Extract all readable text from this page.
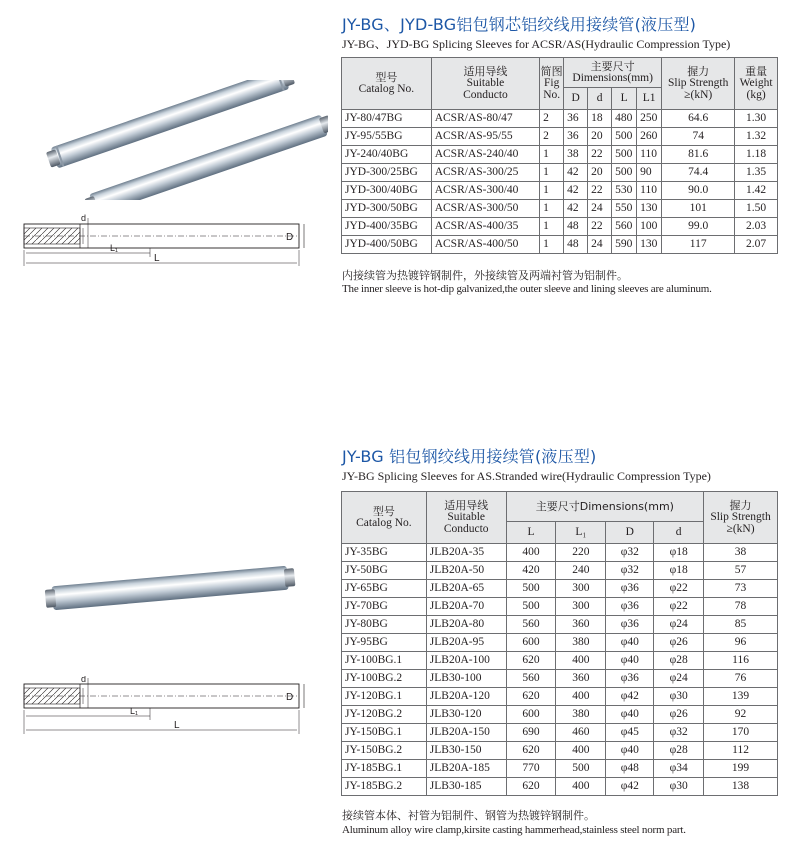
JY-BG、JYD-BG铝包钢芯铝绞线用接续管(液压型)
JY-BG、JYD-BG Splicing Sleeves for ACSR/AS(Hydraulic Compression Type)
d
D
L₁
L
型号
Catalog No.	适用导线
Suitable
Conducto	简图
Fig
No.	主要尺寸
Dimensions(mm)				握力
Slip Strength
≥(kN)	重量
Weight
(kg)
			D	d	L	L1		
JY-80/47BG	ACSR/AS-80/47	2	36	18	480	250	64.6	1.30
JY-95/55BG	ACSR/AS-95/55	2	36	20	500	260	74	1.32
JY-240/40BG	ACSR/AS-240/40	1	38	22	500	110	81.6	1.18
JYD-300/25BG	ACSR/AS-300/25	1	42	20	500	90	74.4	1.35
JYD-300/40BG	ACSR/AS-300/40	1	42	22	530	110	90.0	1.42
JYD-300/50BG	ACSR/AS-300/50	1	42	24	550	130	101	1.50
JYD-400/35BG	ACSR/AS-400/35	1	48	22	560	100	99.0	2.03
JYD-400/50BG	ACSR/AS-400/50	1	48	24	590	130	117	2.07
内接续管为热镀锌钢制件，外接续管及两端衬管为铝制件。
The inner sleeve is hot-dip galvanized,the outer sleeve and lining sleeves are aluminum.
JY-BG 铝包钢绞线用接续管(液压型)
JY-BG Splicing Sleeves for AS.Stranded wire(Hydraulic Compression Type)
d
D
L₁
L
型号
Catalog No.	适用导线
Suitable
Conducto	主要尺寸Dimensions(mm)				握力
Slip Strength
≥(kN)
		L	L₁	D	d	
JY-35BG	JLB20A-35	400	220	φ32	φ18	38
JY-50BG	JLB20A-50	420	240	φ32	φ18	57
JY-65BG	JLB20A-65	500	300	φ36	φ22	73
JY-70BG	JLB20A-70	500	300	φ36	φ22	78
JY-80BG	JLB20A-80	560	360	φ36	φ24	85
JY-95BG	JLB20A-95	600	380	φ40	φ26	96
JY-100BG.1	JLB20A-100	620	400	φ40	φ28	116
JY-100BG.2	JLB30-100	560	360	φ36	φ24	76
JY-120BG.1	JLB20A-120	620	400	φ42	φ30	139
JY-120BG.2	JLB30-120	600	380	φ40	φ26	92
JY-150BG.1	JLB20A-150	690	460	φ45	φ32	170
JY-150BG.2	JLB30-150	620	400	φ40	φ28	112
JY-185BG.1	JLB20A-185	770	500	φ48	φ34	199
JY-185BG.2	JLB30-185	620	400	φ42	φ30	138
接续管本体、衬管为铝制件、钢管为热镀锌钢制件。
Aluminum alloy wire clamp,kirsite casting hammerhead,stainless steel norm part.
